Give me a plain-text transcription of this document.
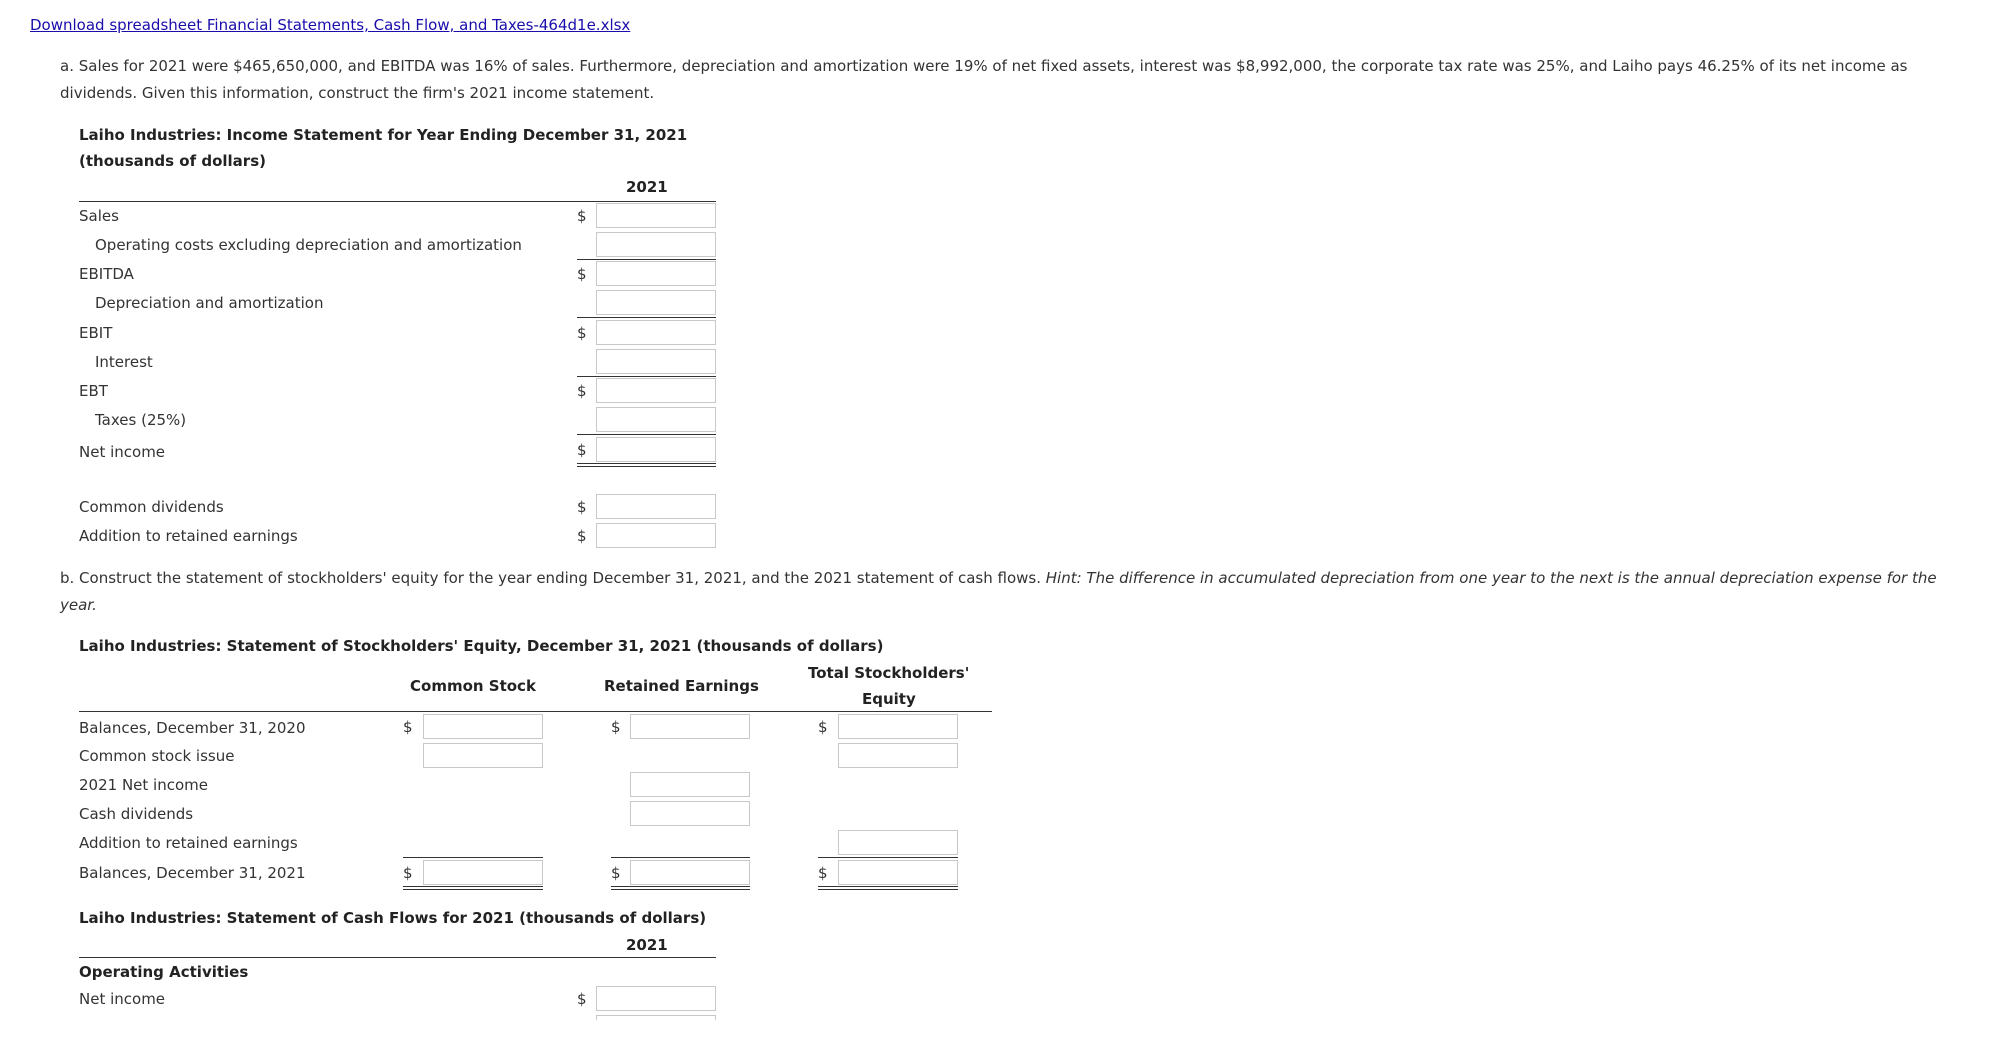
Download spreadsheet Financial Statements, Cash Flow, and Taxes-464d1e.xlsx
a. Sales for 2021 were $465,650,000, and EBITDA was 16% of sales. Furthermore, depreciation and amortization were 19% of net fixed assets, interest was $8,992,000, the corporate tax rate was 25%, and Laiho pays 46.25% of its net income as dividends. Given this information, construct the firm's 2021 income statement.
Laiho Industries: Income Statement for Year Ending December 31, 2021
(thousands of dollars)
2021
Sales	$
Operating costs excluding depreciation and amortization
EBITDA	$
Depreciation and amortization
EBIT	$
Interest
EBT	$
Taxes (25%)
Net income	$
Common dividends	$
Addition to retained earnings	$
b. Construct the statement of stockholders' equity for the year ending December 31, 2021, and the 2021 statement of cash flows. Hint: The difference in accumulated depreciation from one year to the next is the annual depreciation expense for the year.
Laiho Industries: Statement of Stockholders' Equity, December 31, 2021 (thousands of dollars)
Common Stock	Retained Earnings
Total Stockholders'
Equity
Balances, December 31, 2020	$	$	$
Common stock issue
2021 Net income
Cash dividends
Addition to retained earnings
Balances, December 31, 2021	$	$	$
Laiho Industries: Statement of Cash Flows for 2021 (thousands of dollars)
2021
Operating Activities
Net income	$
